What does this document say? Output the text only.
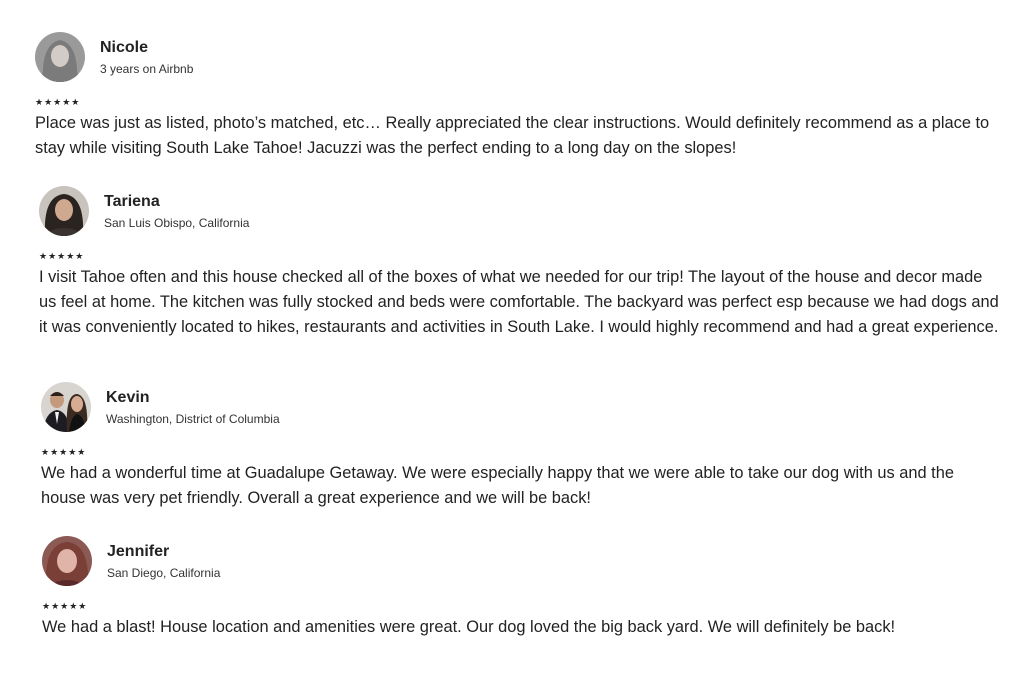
Nicole
3 years on Airbnb
★★★★★
Place was just as listed, photo’s matched, etc… Really appreciated the clear instructions. Would definitely recommend as a place to stay while visiting South Lake Tahoe! Jacuzzi was the perfect ending to a long day on the slopes!
Tariena
San Luis Obispo, California
★★★★★
I visit Tahoe often and this house checked all of the boxes of what we needed for our trip! The layout of the house and decor made us feel at home. The kitchen was fully stocked and beds were comfortable. The backyard was perfect esp because we had dogs and it was conveniently located to hikes, restaurants and activities in South Lake. I would highly recommend and had a great experience.
Kevin
Washington, District of Columbia
★★★★★
We had a wonderful time at Guadalupe Getaway. We were especially happy that we were able to take our dog with us and the house was very pet friendly. Overall a great experience and we will be back!
Jennifer
San Diego, California
★★★★★
We had a blast! House location and amenities were great. Our dog loved the big back yard. We will definitely be back!
